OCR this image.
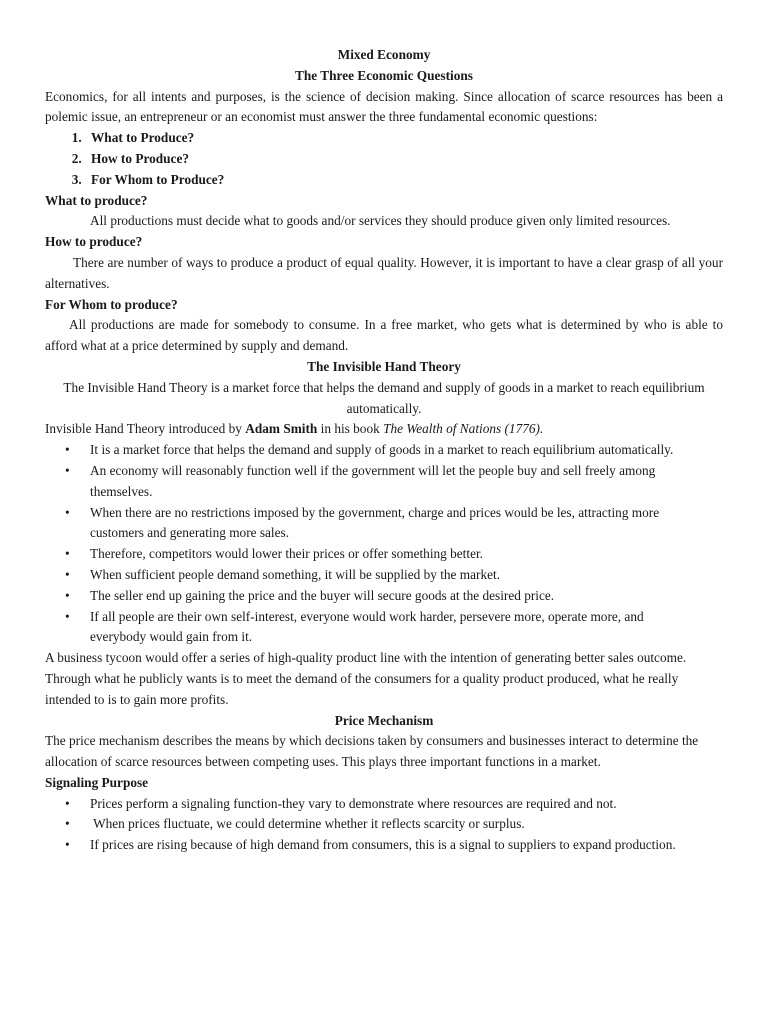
Mixed Economy

The Three Economic Questions

Economics, for all intents and purposes, is the science of decision making. Since allocation of scarce resources has been a polemic issue, an entrepreneur or an economist must answer the three fundamental economic questions:

1. What to Produce?
2. How to Produce?
3. For Whom to Produce?

What to produce?

All productions must decide what to goods and/or services they should produce given only limited resources.

How to produce?

There are number of ways to produce a product of equal quality. However, it is important to have a clear grasp of all your alternatives.

For Whom to produce?

All productions are made for somebody to consume. In a free market, who gets what is determined by who is able to afford what at a price determined by supply and demand.

The Invisible Hand Theory

The Invisible Hand Theory is a market force that helps the demand and supply of goods in a market to reach equilibrium automatically.

Invisible Hand Theory introduced by Adam Smith in his book The Wealth of Nations (1776).

• It is a market force that helps the demand and supply of goods in a market to reach equilibrium automatically.
• An economy will reasonably function well if the government will let the people buy and sell freely among themselves.
• When there are no restrictions imposed by the government, charge and prices would be les, attracting more customers and generating more sales.
• Therefore, competitors would lower their prices or offer something better.
• When sufficient people demand something, it will be supplied by the market.
• The seller end up gaining the price and the buyer will secure goods at the desired price.
• If all people are their own self-interest, everyone would work harder, persevere more, operate more, and everybody would gain from it.

A business tycoon would offer a series of high-quality product line with the intention of generating better sales outcome. Through what he publicly wants is to meet the demand of the consumers for a quality product produced, what he really intended to is to gain more profits.

Price Mechanism

The price mechanism describes the means by which decisions taken by consumers and businesses interact to determine the allocation of scarce resources between competing uses. This plays three important functions in a market.

Signaling Purpose

• Prices perform a signaling function-they vary to demonstrate where resources are required and not.
• When prices fluctuate, we could determine whether it reflects scarcity or surplus.
• If prices are rising because of high demand from consumers, this is a signal to suppliers to expand production.
